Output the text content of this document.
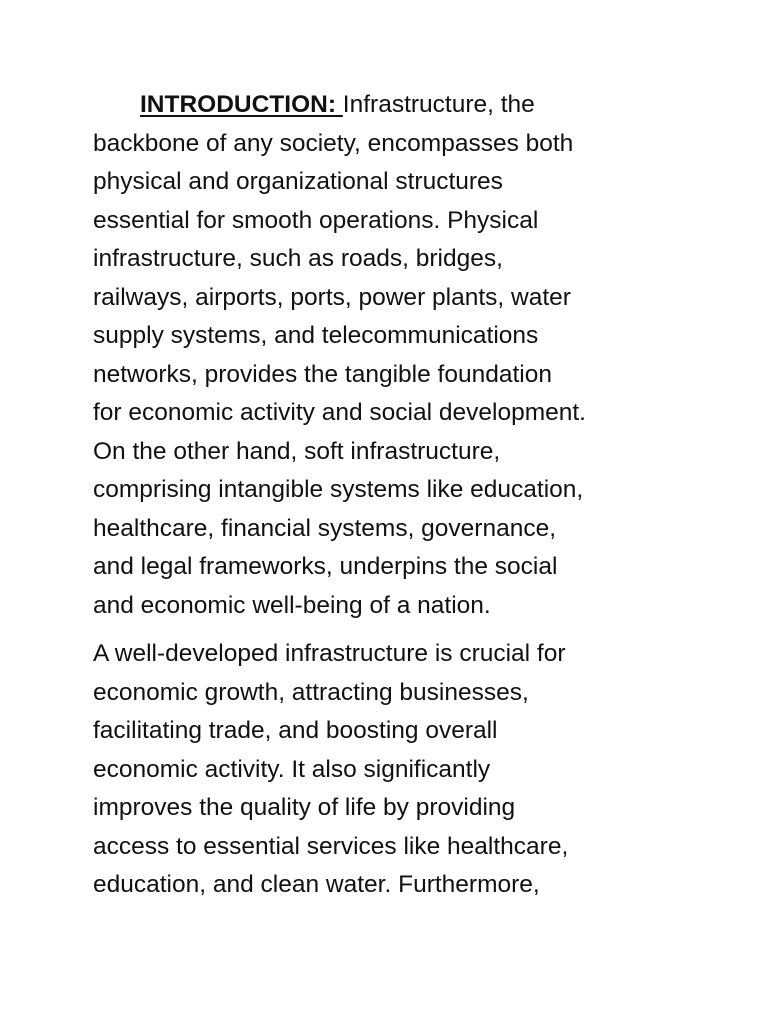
INTRODUCTION: Infrastructure, the
backbone of any society, encompasses both
physical and organizational structures
essential for smooth operations. Physical
infrastructure, such as roads, bridges,
railways, airports, ports, power plants, water
supply systems, and telecommunications
networks, provides the tangible foundation
for economic activity and social development.
On the other hand, soft infrastructure,
comprising intangible systems like education,
healthcare, financial systems, governance,
and legal frameworks, underpins the social
and economic well-being of a nation.

A well-developed infrastructure is crucial for
economic growth, attracting businesses,
facilitating trade, and boosting overall
economic activity. It also significantly
improves the quality of life by providing
access to essential services like healthcare,
education, and clean water. Furthermore,
